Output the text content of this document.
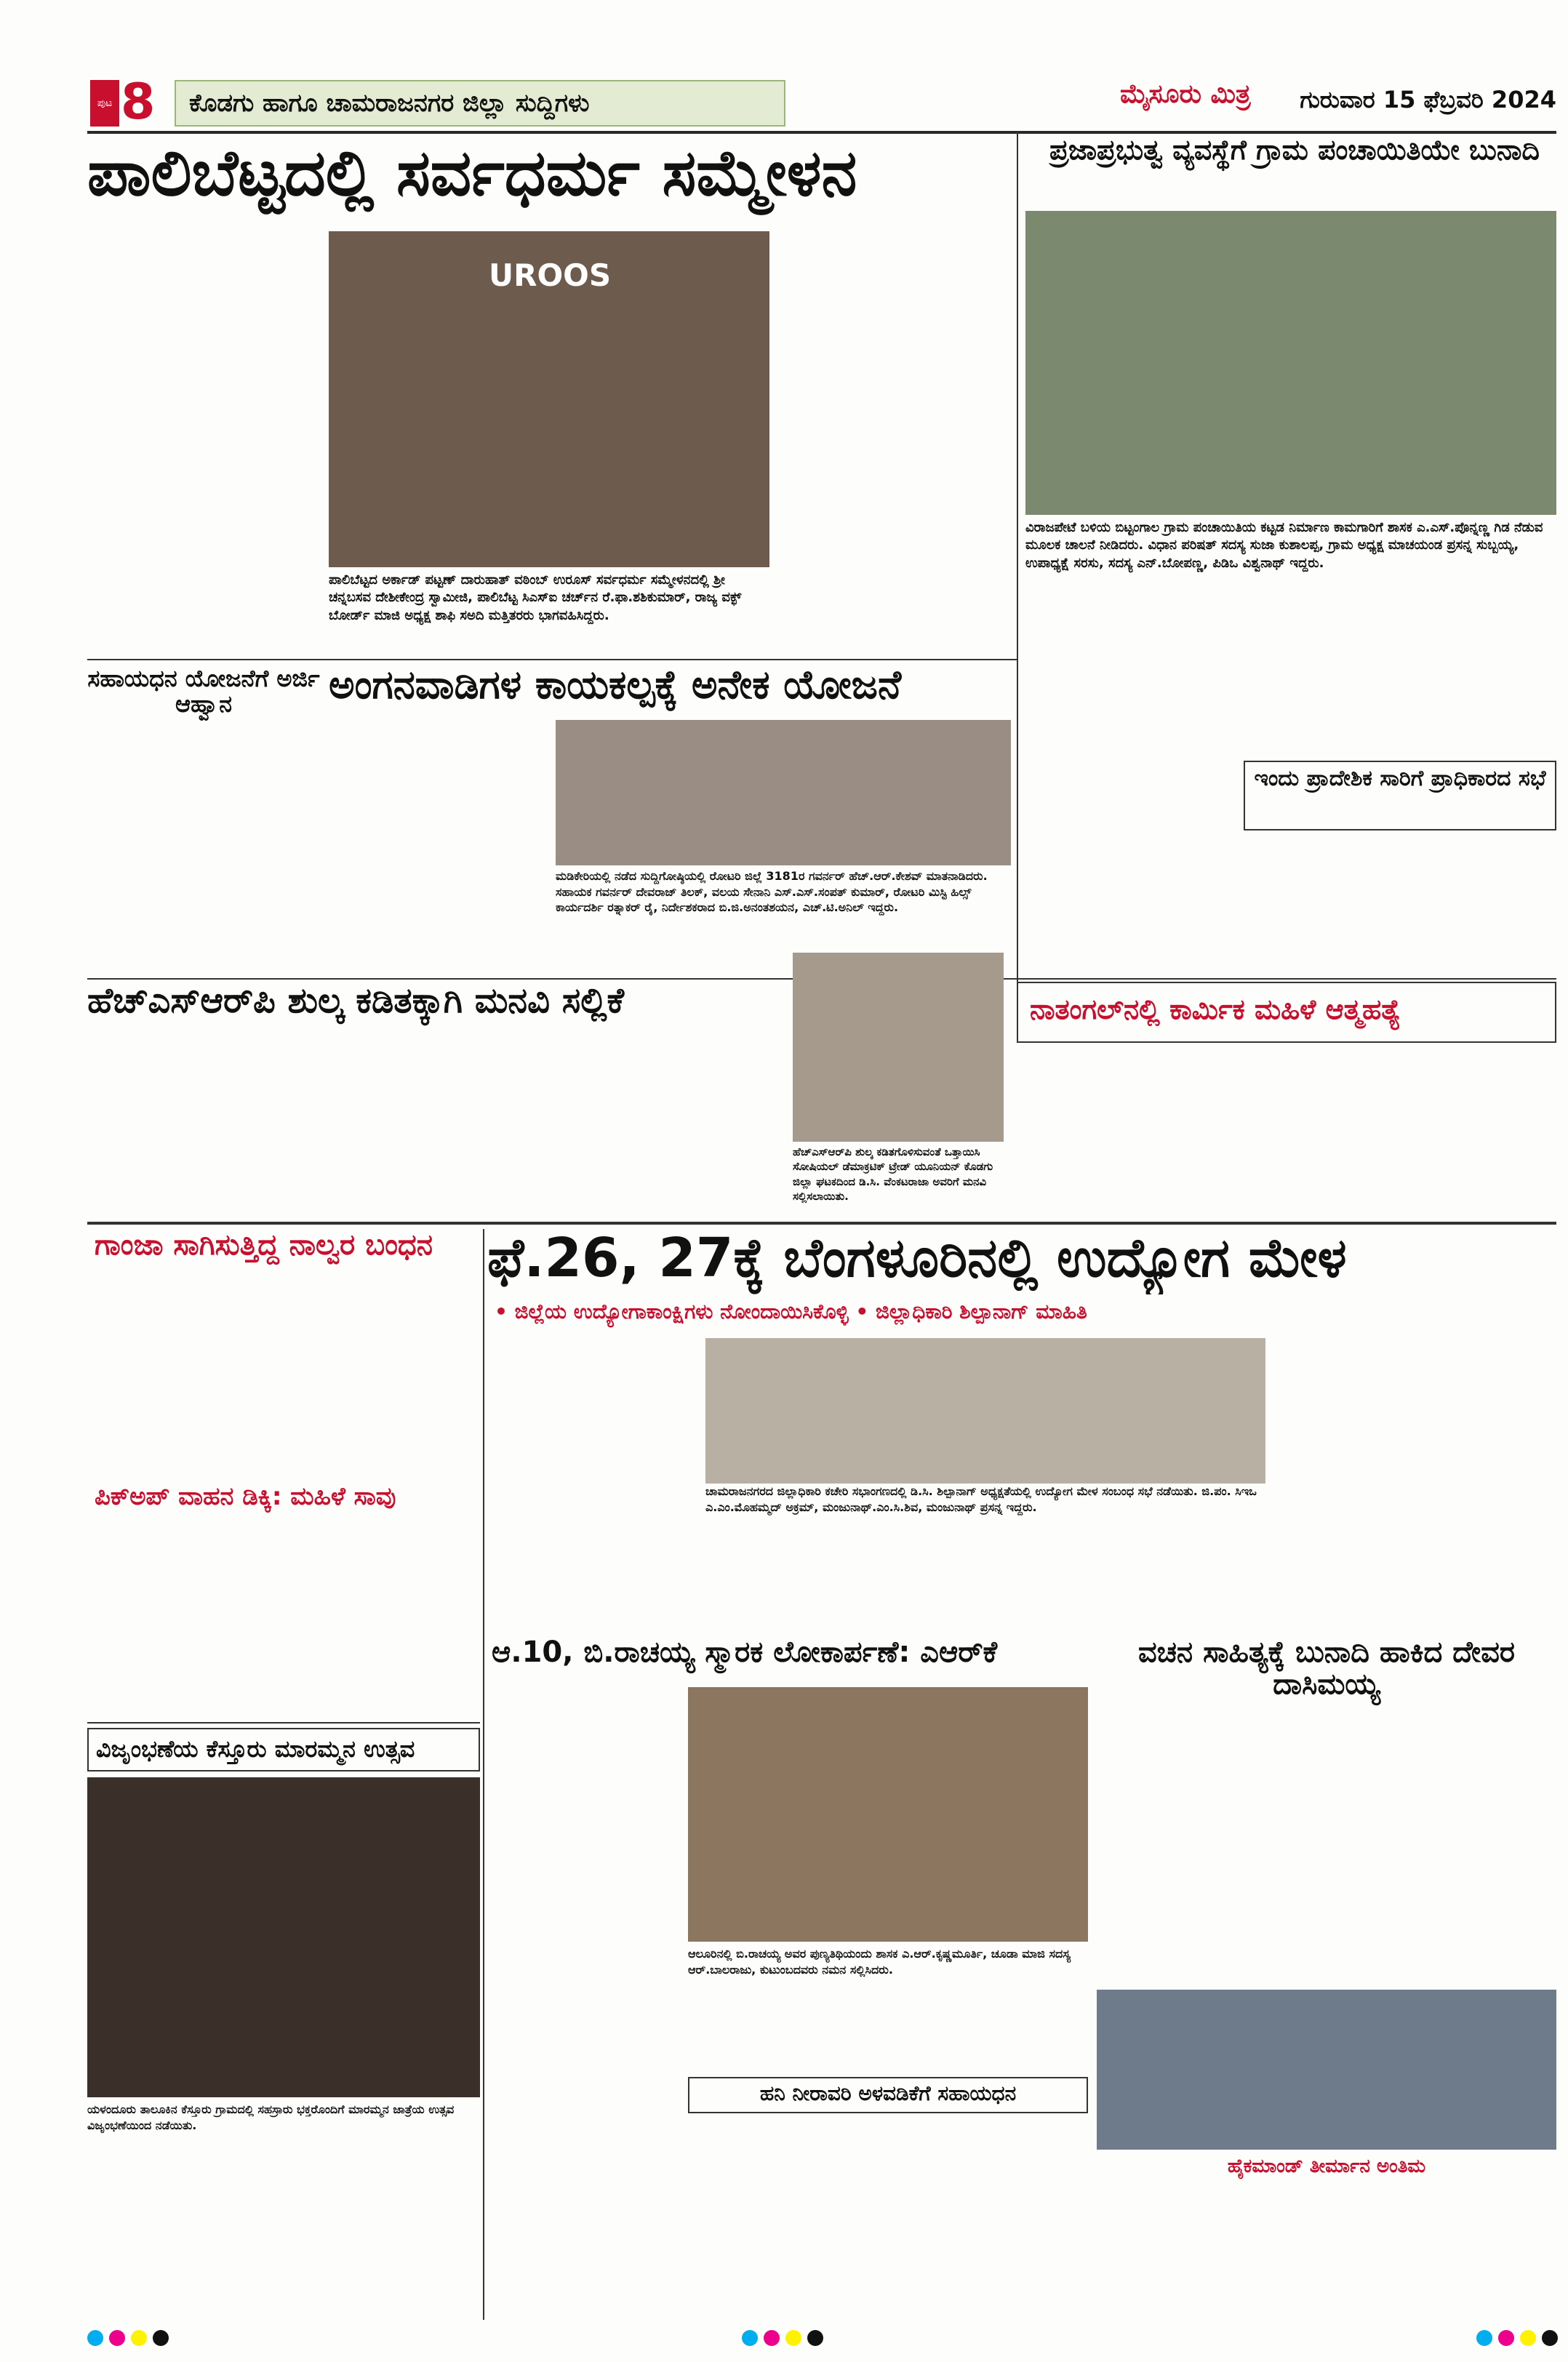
ಪುಟ 8	ಕೊಡಗು ಹಾಗೂ ಚಾಮರಾಜನಗರ ಜಿಲ್ಲಾ ಸುದ್ದಿಗಳು	ಮೈಸೂರು ಮಿತ್ರ	ಗುರುವಾರ 15 ಫೆಬ್ರವರಿ 2024
ಪಾಲಿಬೆಟ್ಟದಲ್ಲಿ ಸರ್ವಧರ್ಮ ಸಮ್ಮೇಳನ
UROOS
ಪಾಲಿಬೆಟ್ಟದ ಅರ್ಕಾಡ್ ಪಟ್ಟಣ್ ದಾರುಹಾತ್ ವಠಿಂಬ್ ಉರೂಸ್ ಸರ್ವಧರ್ಮ ಸಮ್ಮೇಳನದಲ್ಲಿ ಶ್ರೀ ಚನ್ನಬಸವ ದೇಶೀಕೇಂದ್ರ ಸ್ವಾಮೀಜಿ, ಪಾಲಿಬೆಟ್ಟ ಸಿಎಸ್‌ಐ ಚರ್ಚ್‌ನ ರೆ.ಫಾ.ಶಶಿಕುಮಾರ್, ರಾಜ್ಯ ವಕ್ಫ್ ಬೋರ್ಡ್ ಮಾಜಿ ಅಧ್ಯಕ್ಷ ಶಾಫಿ ಸಅದಿ ಮತ್ತಿತರರು ಭಾಗವಹಿಸಿದ್ದರು.
ಪ್ರಜಾಪ್ರಭುತ್ವ ವ್ಯವಸ್ಥೆಗೆ ಗ್ರಾಮ ಪಂಚಾಯಿತಿಯೇ ಬುನಾದಿ
ವಿರಾಜಪೇಟೆ ಬಳಿಯ ಬಿಟ್ಟಂಗಾಲ ಗ್ರಾಮ ಪಂಚಾಯಿತಿಯ ಕಟ್ಟಡ ನಿರ್ಮಾಣ ಕಾಮಗಾರಿಗೆ ಶಾಸಕ ಎ.ಎಸ್.ಪೊನ್ನಣ್ಣ ಗಿಡ ನೆಡುವ ಮೂಲಕ ಚಾಲನೆ ನೀಡಿದರು. ವಿಧಾನ ಪರಿಷತ್ ಸದಸ್ಯ ಸುಜಾ ಕುಶಾಲಪ್ಪ, ಗ್ರಾಮ ಅಧ್ಯಕ್ಷ ಮಾಚಯಂಡ ಪ್ರಸನ್ನ ಸುಬ್ಬಯ್ಯ, ಉಪಾಧ್ಯಕ್ಷೆ ಸರಸು, ಸದಸ್ಯ ಎನ್.ಬೋಪಣ್ಣ, ಪಿಡಿಒ ವಿಶ್ವನಾಥ್ ಇದ್ದರು.
ಸಹಾಯಧನ ಯೋಜನೆಗೆ ಅರ್ಜಿ ಆಹ್ವಾನ	ಅಂಗನವಾಡಿಗಳ ಕಾಯಕಲ್ಪಕ್ಕೆ ಅನೇಕ ಯೋಜನೆ
ಮಡಿಕೇರಿಯಲ್ಲಿ ನಡೆದ ಸುದ್ದಿಗೋಷ್ಠಿಯಲ್ಲಿ ರೋಟರಿ ಜಿಲ್ಲೆ 3181ರ ಗವರ್ನರ್ ಹೆಚ್.ಆರ್.ಕೇಶವ್ ಮಾತನಾಡಿದರು. ಸಹಾಯಕ ಗವರ್ನರ್ ದೇವರಾಜ್ ತಿಲಕ್, ವಲಯ ಸೇನಾನಿ ಎಸ್.ಎಸ್.ಸಂಪತ್ ಕುಮಾರ್, ರೋಟರಿ ಮಿಸ್ಟಿ ಹಿಲ್ಸ್ ಕಾರ್ಯದರ್ಶಿ ರತ್ನಾಕರ್ ರೈ, ನಿರ್ದೇಶಕರಾದ ಬಿ.ಜಿ.ಅನಂತಶಯನ, ಎಚ್.ಟಿ.ಅನಿಲ್ ಇದ್ದರು.
ಇಂದು ಪ್ರಾದೇಶಿಕ ಸಾರಿಗೆ ಪ್ರಾಧಿಕಾರದ ಸಭೆ
ಹೆಚ್‌ಎಸ್‌ಆರ್‌ಪಿ ಶುಲ್ಕ ಕಡಿತಕ್ಕಾಗಿ ಮನವಿ ಸಲ್ಲಿಕೆ
ಹೆಚ್‌ಎಸ್‌ಆರ್‌ಪಿ ಶುಲ್ಕ ಕಡಿತಗೊಳಿಸುವಂತೆ ಒತ್ತಾಯಿಸಿ ಸೋಷಿಯಲ್ ಡೆಮಾಕ್ರಟಿಕ್ ಟ್ರೇಡ್ ಯೂನಿಯನ್ ಕೊಡಗು ಜಿಲ್ಲಾ ಘಟಕದಿಂದ ಡಿ.ಸಿ. ವೆಂಕಟರಾಜಾ ಅವರಿಗೆ ಮನವಿ ಸಲ್ಲಿಸಲಾಯಿತು.
ನಾತಂಗಲ್‌ನಲ್ಲಿ ಕಾರ್ಮಿಕ ಮಹಿಳೆ ಆತ್ಮಹತ್ಯೆ
ಗಾಂಜಾ ಸಾಗಿಸುತ್ತಿದ್ದ ನಾಲ್ವರ ಬಂಧನ	ಫೆ.26, 27ಕ್ಕೆ ಬೆಂಗಳೂರಿನಲ್ಲಿ ಉದ್ಯೋಗ ಮೇಳ
• ಜಿಲ್ಲೆಯ ಉದ್ಯೋಗಾಕಾಂಕ್ಷಿಗಳು ನೋಂದಾಯಿಸಿಕೊಳ್ಳಿ • ಜಿಲ್ಲಾಧಿಕಾರಿ ಶಿಲ್ಪಾನಾಗ್ ಮಾಹಿತಿ
ಚಾಮರಾಜನಗರದ ಜಿಲ್ಲಾಧಿಕಾರಿ ಕಚೇರಿ ಸಭಾಂಗಣದಲ್ಲಿ ಡಿ.ಸಿ. ಶಿಲ್ಪಾನಾಗ್ ಅಧ್ಯಕ್ಷತೆಯಲ್ಲಿ ಉದ್ಯೋಗ ಮೇಳ ಸಂಬಂಧ ಸಭೆ ನಡೆಯಿತು. ಜಿ.ಪಂ. ಸಿಇಒ ಎ.ಎಂ.ಮೊಹಮ್ಮದ್ ಅಕ್ರಮ್, ಮಂಜುನಾಥ್.ಎಂ.ಸಿ.ಶಿವ, ಮಂಜುನಾಥ್ ಪ್ರಸನ್ನ ಇದ್ದರು.
ಪಿಕ್‌ಅಪ್ ವಾಹನ ಡಿಕ್ಕಿ: ಮಹಿಳೆ ಸಾವು
ಆ.10, ಬಿ.ರಾಚಯ್ಯ ಸ್ಮಾರಕ ಲೋಕಾರ್ಪಣೆ: ಎಆರ್‌ಕೆ
ಆಲೂರಿನಲ್ಲಿ ಬಿ.ರಾಚಯ್ಯ ಅವರ ಪುಣ್ಯತಿಥಿಯಂದು ಶಾಸಕ ಎ.ಆರ್.ಕೃಷ್ಣಮೂರ್ತಿ, ಚೂಡಾ ಮಾಜಿ ಸದಸ್ಯ ಆರ್.ಬಾಲರಾಜು, ಕುಟುಂಬದವರು ನಮನ ಸಲ್ಲಿಸಿದರು.
ವಚನ ಸಾಹಿತ್ಯಕ್ಕೆ ಬುನಾದಿ ಹಾಕಿದ ದೇವರ ದಾಸಿಮಯ್ಯ
ಹೈಕಮಾಂಡ್ ತೀರ್ಮಾನ ಅಂತಿಮ
ವಿಜೃಂಭಣೆಯ ಕೆಸ್ತೂರು ಮಾರಮ್ಮನ ಉತ್ಸವ
ಯಳಂದೂರು ತಾಲೂಕಿನ ಕೆಸ್ತೂರು ಗ್ರಾಮದಲ್ಲಿ ಸಹಸ್ರಾರು ಭಕ್ತರೊಂದಿಗೆ ಮಾರಮ್ಮನ ಜಾತ್ರೆಯ ಉತ್ಸವ ವಿಜೃಂಭಣೆಯಿಂದ ನಡೆಯಿತು.
ಹನಿ ನೀರಾವರಿ ಅಳವಡಿಕೆಗೆ ಸಹಾಯಧನ
